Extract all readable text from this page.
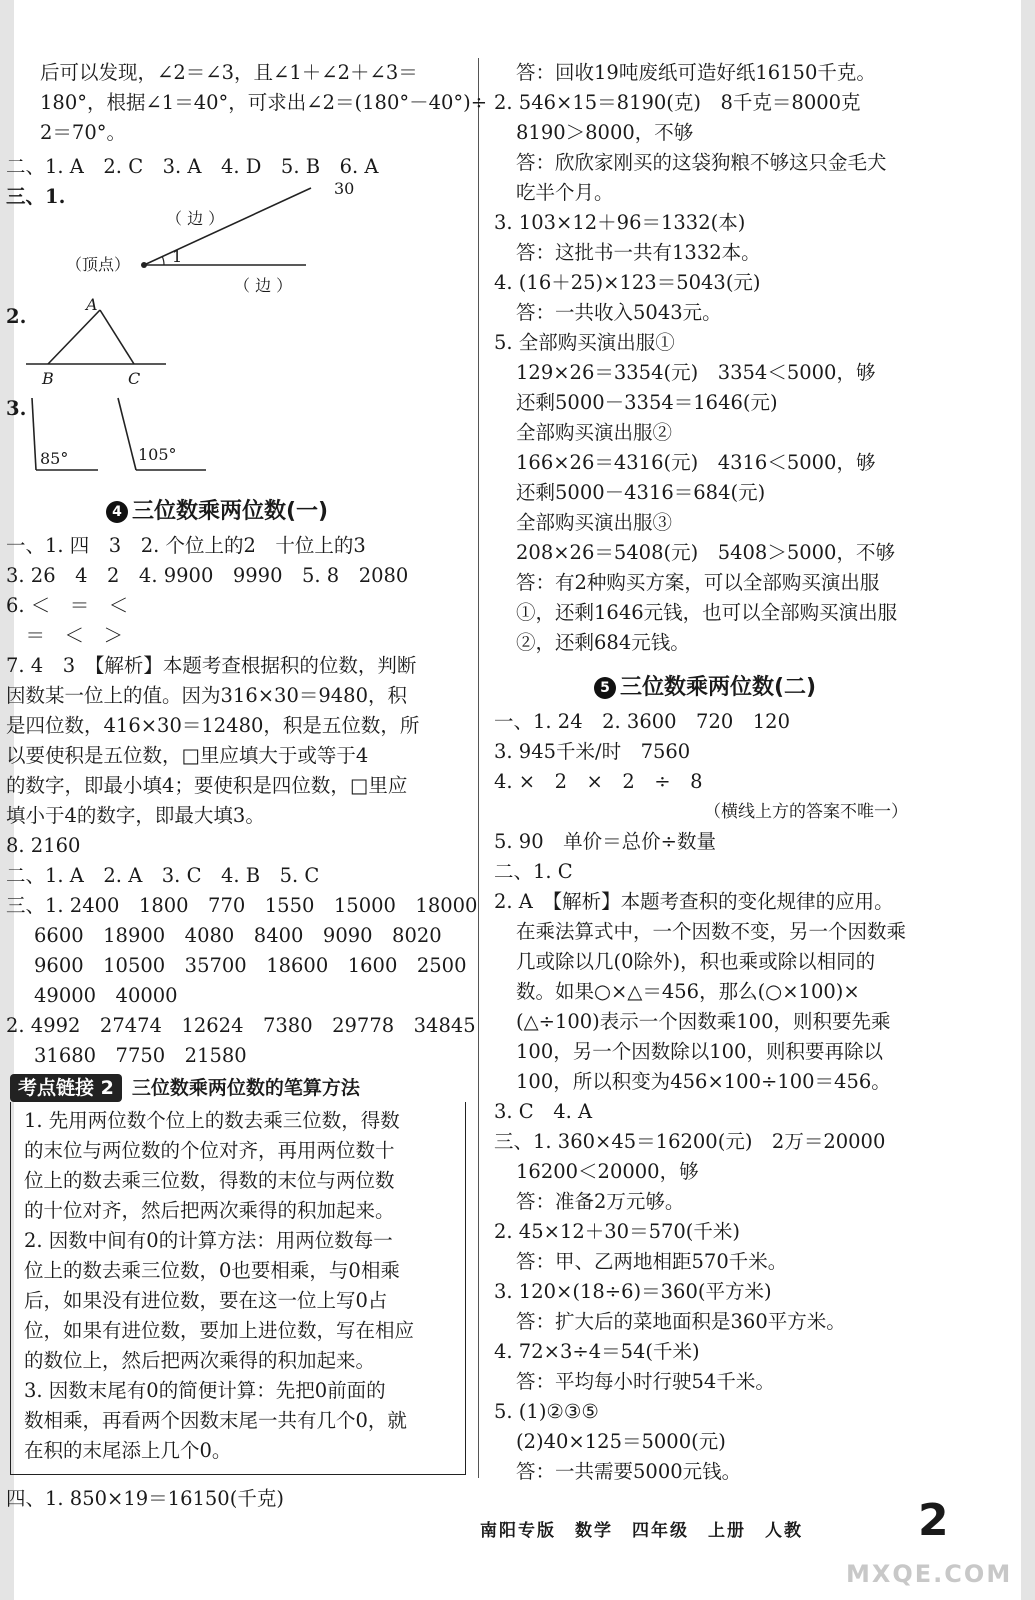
后可以发现，∠2＝∠3，且∠1＋∠2＋∠3＝
180°，根据∠1＝40°，可求出∠2＝(180°－40°)÷
2＝70°。
二、1. A　2. C　3. A　4. D　5. B　6. A
三、1.
（顶点）
（ 边 ）
（ 边 ）
1
30
2.
A
B	C
3.
85°	105°
4 三位数乘两位数(一)
一、1. 四　3　2. 个位上的2　十位上的3
3. 26　4　2　4. 9900　9990　5. 8　2080
6. ＜　＝　＜
　＝　＜　＞
7. 4　3　【解析】本题考查根据积的位数，判断
因数某一位上的值。因为316×30＝9480，积
是四位数，416×30＝12480，积是五位数，所
以要使积是五位数，□里应填大于或等于4
的数字，即最小填4；要使积是四位数，□里应
填小于4的数字，即最大填3。
8. 2160
二、1. A　2. A　3. C　4. B　5. C
三、1. 2400　1800　770　1550　15000　18000
6600　18900　4080　8400　9090　8020
9600　10500　35700　18600　1600　2500
49000　40000
2. 4992　27474　12624　7380　29778　34845
31680　7750　21580
考点链接 2 三位数乘两位数的笔算方法
1. 先用两位数个位上的数去乘三位数，得数
的末位与两位数的个位对齐，再用两位数十
位上的数去乘三位数，得数的末位与两位数
的十位对齐，然后把两次乘得的积加起来。
2. 因数中间有0的计算方法：用两位数每一
位上的数去乘三位数，0也要相乘，与0相乘
后，如果没有进位数，要在这一位上写0占
位，如果有进位数，要加上进位数，写在相应
的数位上，然后把两次乘得的积加起来。
3. 因数末尾有0的简便计算：先把0前面的
数相乘，再看两个因数末尾一共有几个0，就
在积的末尾添上几个0。
四、1. 850×19＝16150(千克)
答：回收19吨废纸可造好纸16150千克。
2. 546×15＝8190(克)　8千克＝8000克
8190＞8000，不够
答：欣欣家刚买的这袋狗粮不够这只金毛犬
吃半个月。
3. 103×12＋96＝1332(本)
答：这批书一共有1332本。
4. (16＋25)×123＝5043(元)
答：一共收入5043元。
5. 全部购买演出服①
129×26＝3354(元)　3354＜5000，够
还剩5000－3354＝1646(元)
全部购买演出服②
166×26＝4316(元)　4316＜5000，够
还剩5000－4316＝684(元)
全部购买演出服③
208×26＝5408(元)　5408＞5000，不够
答：有2种购买方案，可以全部购买演出服
①，还剩1646元钱，也可以全部购买演出服
②，还剩684元钱。
5 三位数乘两位数(二)
一、1. 24　2. 3600　720　120
3. 945千米/时　7560
4. ×　2　×　2　÷　8
（横线上方的答案不唯一）
5. 90　单价＝总价÷数量
二、1. C
2. A　【解析】本题考查积的变化规律的应用。
在乘法算式中，一个因数不变，另一个因数乘
几或除以几(0除外)，积也乘或除以相同的
数。如果○×△＝456，那么(○×100)×
(△÷100)表示一个因数乘100，则积要先乘
100，另一个因数除以100，则积要再除以
100，所以积变为456×100÷100＝456。
3. C　4. A
三、1. 360×45＝16200(元)　2万＝20000
16200＜20000，够
答：准备2万元够。
2. 45×12＋30＝570(千米)
答：甲、乙两地相距570千米。
3. 120×(18÷6)＝360(平方米)
答：扩大后的菜地面积是360平方米。
4. 72×3÷4＝54(千米)
答：平均每小时行驶54千米。
5. (1)②③⑤
(2)40×125＝5000(元)
答：一共需要5000元钱。
南阳专版　数学　四年级　上册　人教	2
MXQE.COM
